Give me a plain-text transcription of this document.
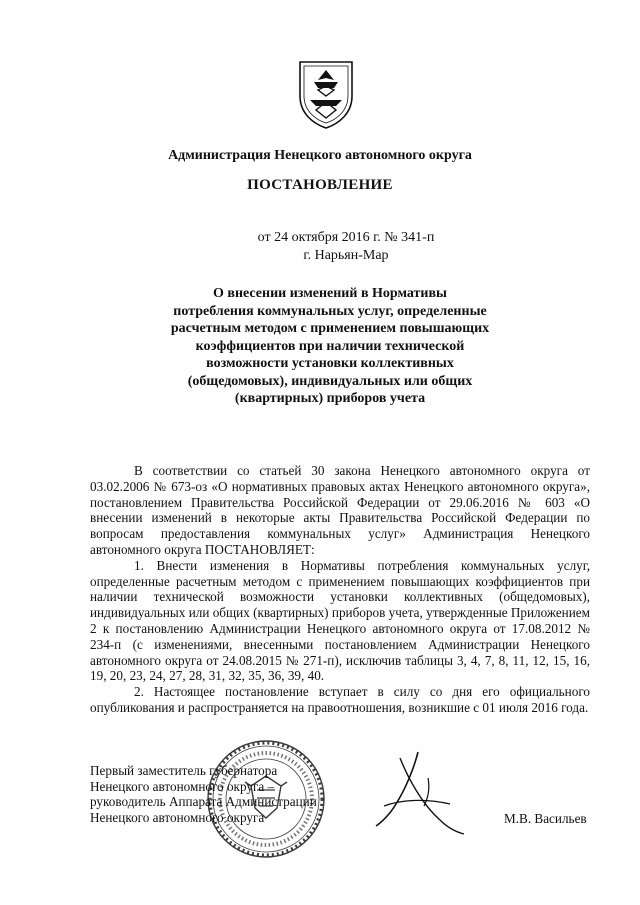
Администрация Ненецкого автономного округа
ПОСТАНОВЛЕНИЕ
от 24 октября 2016 г. № 341-п
г. Нарьян-Мар
О внесении изменений в Нормативы
потребления коммунальных услуг, определенные
расчетным методом с применением повышающих
коэффициентов при наличии технической
возможности установки коллективных
(общедомовых), индивидуальных или общих
(квартирных) приборов учета

В соответствии со статьей 30 закона Ненецкого автономного округа от 03.02.2006 № 673-оз «О нормативных правовых актах Ненецкого автономного округа», постановлением Правительства Российской Федерации от 29.06.2016 № 603 «О внесении изменений в некоторые акты Правительства Российской Федерации по вопросам предоставления коммунальных услуг» Администрация Ненецкого автономного округа ПОСТАНОВЛЯЕТ:

1. Внести изменения в Нормативы потребления коммунальных услуг, определенные расчетным методом с применением повышающих коэффициентов при наличии технической возможности установки коллективных (общедомовых), индивидуальных или общих (квартирных) приборов учета, утвержденные Приложением 2 к постановлению Администрации Ненецкого автономного округа от 17.08.2012 № 234-п (с изменениями, внесенными постановлением Администрации Ненецкого автономного округа от 24.08.2015 № 271-п), исключив таблицы 3, 4, 7, 8, 11, 12, 15, 16, 19, 20, 23, 24, 27, 28, 31, 32, 35, 36, 39, 40.

2. Настоящее постановление вступает в силу со дня его официального опубликования и распространяется на правоотношения, возникшие с 01 июля 2016 года.

Первый заместитель губернатора
Ненецкого автономного округа –
руководитель Аппарата Администрации
Ненецкого автономного округа	М.В. Васильев
